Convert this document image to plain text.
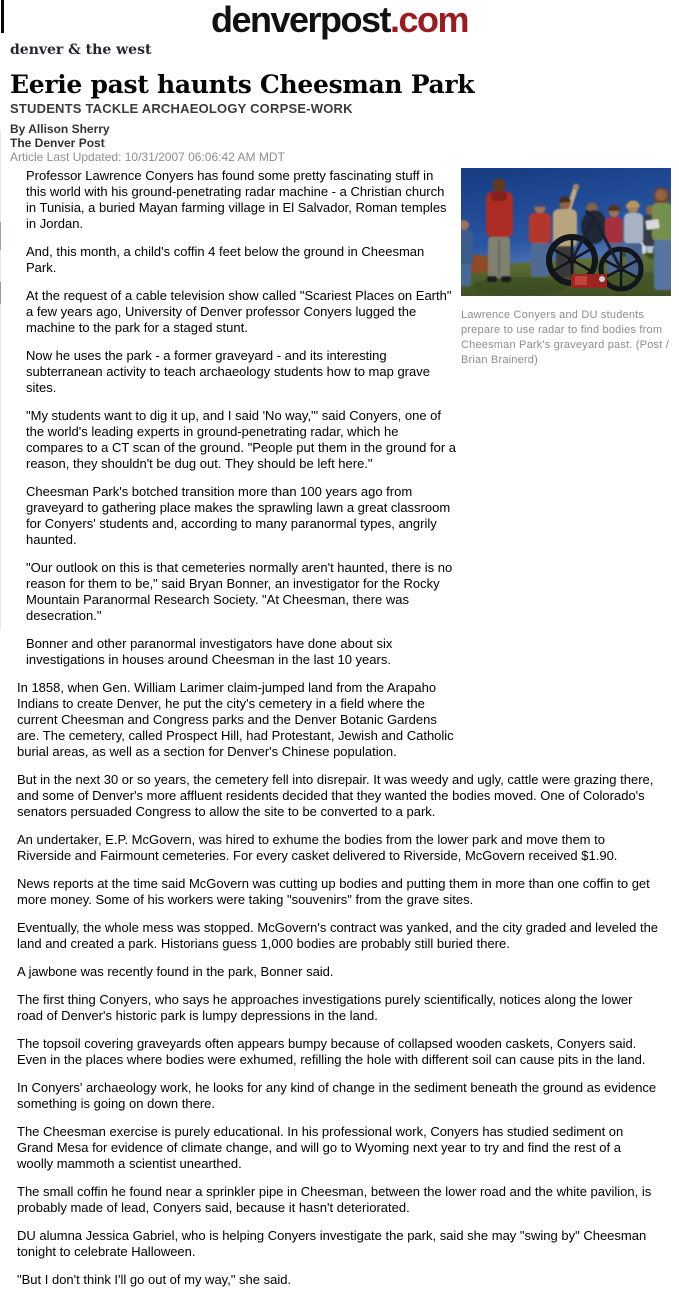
denverpost.com
denver & the west
Eerie past haunts Cheesman Park
STUDENTS TACKLE ARCHAEOLOGY CORPSE-WORK
By Allison Sherry
The Denver Post
Article Last Updated: 10/31/2007 06:06:42 AM MDT

Lawrence Conyers and DU students prepare to use radar to find bodies from Cheesman Park's graveyard past. (Post / Brian Brainerd)

Professor Lawrence Conyers has found some pretty fascinating stuff in this world with his ground-penetrating radar machine - a Christian church in Tunisia, a buried Mayan farming village in El Salvador, Roman temples in Jordan.

And, this month, a child's coffin 4 feet below the ground in Cheesman Park.

At the request of a cable television show called "Scariest Places on Earth" a few years ago, University of Denver professor Conyers lugged the machine to the park for a staged stunt.

Now he uses the park - a former graveyard - and its interesting subterranean activity to teach archaeology students how to map grave sites.

"My students want to dig it up, and I said 'No way,'" said Conyers, one of the world's leading experts in ground-penetrating radar, which he compares to a CT scan of the ground. "People put them in the ground for a reason, they shouldn't be dug out. They should be left here."

Cheesman Park's botched transition more than 100 years ago from graveyard to gathering place makes the sprawling lawn a great classroom for Conyers' students and, according to many paranormal types, angrily haunted.

"Our outlook on this is that cemeteries normally aren't haunted, there is no reason for them to be," said Bryan Bonner, an investigator for the Rocky Mountain Paranormal Research Society. "At Cheesman, there was desecration."

Bonner and other paranormal investigators have done about six investigations in houses around Cheesman in the last 10 years.

In 1858, when Gen. William Larimer claim-jumped land from the Arapaho Indians to create Denver, he put the city's cemetery in a field where the current Cheesman and Congress parks and the Denver Botanic Gardens are. The cemetery, called Prospect Hill, had Protestant, Jewish and Catholic burial areas, as well as a section for Denver's Chinese population.

But in the next 30 or so years, the cemetery fell into disrepair. It was weedy and ugly, cattle were grazing there, and some of Denver's more affluent residents decided that they wanted the bodies moved. One of Colorado's senators persuaded Congress to allow the site to be converted to a park.

An undertaker, E.P. McGovern, was hired to exhume the bodies from the lower park and move them to Riverside and Fairmount cemeteries. For every casket delivered to Riverside, McGovern received $1.90.

News reports at the time said McGovern was cutting up bodies and putting them in more than one coffin to get more money. Some of his workers were taking "souvenirs" from the grave sites.

Eventually, the whole mess was stopped. McGovern's contract was yanked, and the city graded and leveled the land and created a park. Historians guess 1,000 bodies are probably still buried there.

A jawbone was recently found in the park, Bonner said.

The first thing Conyers, who says he approaches investigations purely scientifically, notices along the lower road of Denver's historic park is lumpy depressions in the land.

The topsoil covering graveyards often appears bumpy because of collapsed wooden caskets, Conyers said. Even in the places where bodies were exhumed, refilling the hole with different soil can cause pits in the land.

In Conyers' archaeology work, he looks for any kind of change in the sediment beneath the ground as evidence something is going on down there.

The Cheesman exercise is purely educational. In his professional work, Conyers has studied sediment on Grand Mesa for evidence of climate change, and will go to Wyoming next year to try and find the rest of a woolly mammoth a scientist unearthed.

The small coffin he found near a sprinkler pipe in Cheesman, between the lower road and the white pavilion, is probably made of lead, Conyers said, because it hasn't deteriorated.

DU alumna Jessica Gabriel, who is helping Conyers investigate the park, said she may "swing by" Cheesman tonight to celebrate Halloween.

"But I don't think I'll go out of my way," she said.
